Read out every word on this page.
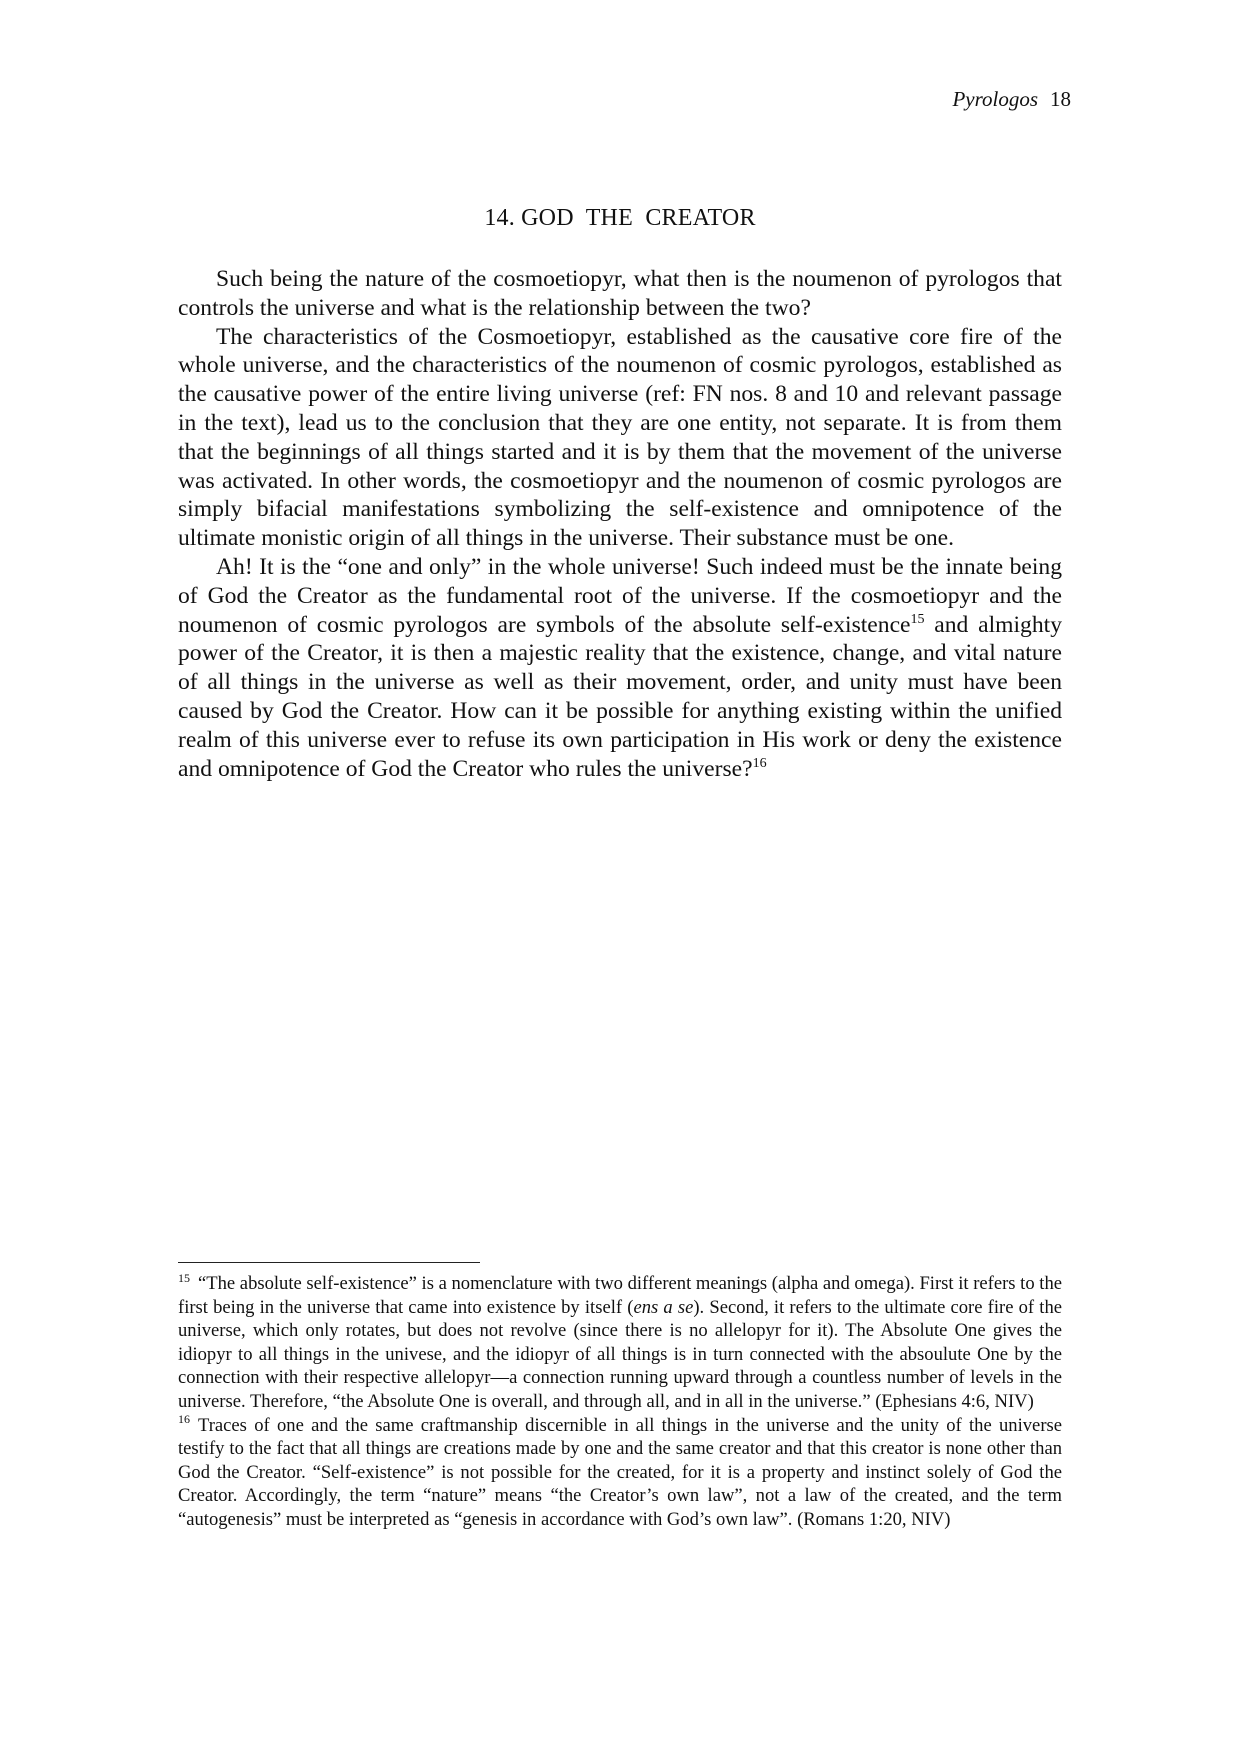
Pyrologos 18
14. GOD  THE  CREATOR

Such being the nature of the cosmoetiopyr, what then is the noumenon of pyrologos that controls the universe and what is the relationship between the two?

The characteristics of the Cosmoetiopyr, established as the causative core fire of the whole universe, and the characteristics of the noumenon of cosmic pyrologos, established as the causative power of the entire living universe (ref: FN nos. 8 and 10 and relevant passage in the text), lead us to the conclusion that they are one entity, not separate. It is from them that the beginnings of all things started and it is by them that the movement of the universe was activated. In other words, the cosmoetiopyr and the noumenon of cosmic pyrologos are simply bifacial manifestations symbolizing the self-existence and omnipotence of the ultimate monistic origin of all things in the universe. Their substance must be one.

Ah! It is the “one and only” in the whole universe! Such indeed must be the innate being of God the Creator as the fundamental root of the universe. If the cosmoetiopyr and the noumenon of cosmic pyrologos are symbols of the absolute self-existence$^{15}$ and almighty power of the Creator, it is then a majestic reality that the existence, change, and vital nature of all things in the universe as well as their movement, order, and unity must have been caused by God the Creator. How can it be possible for anything existing within the unified realm of this universe ever to refuse its own participation in His work or deny the existence and omnipotence of God the Creator who rules the universe?$^{16}$

$^{15}$ “The absolute self-existence” is a nomenclature with two different meanings (alpha and omega). First it refers to the first being in the universe that came into existence by itself (ens a se). Second, it refers to the ultimate core fire of the universe, which only rotates, but does not revolve (since there is no allelopyr for it). The Absolute One gives the idiopyr to all things in the univese, and the idiopyr of all things is in turn connected with the absoulute One by the connection with their respective allelopyr—a connection running upward through a countless number of levels in the universe. Therefore, “the Absolute One is overall, and through all, and in all in the universe.” (Ephesians 4:6, NIV)

$^{16}$ Traces of one and the same craftmanship discernible in all things in the universe and the unity of the universe testify to the fact that all things are creations made by one and the same creator and that this creator is none other than God the Creator. “Self-existence” is not possible for the created, for it is a property and instinct solely of God the Creator. Accordingly, the term “nature” means “the Creator’s own law”, not a law of the created, and the term “autogenesis” must be interpreted as “genesis in accordance with God’s own law”. (Romans 1:20, NIV)
